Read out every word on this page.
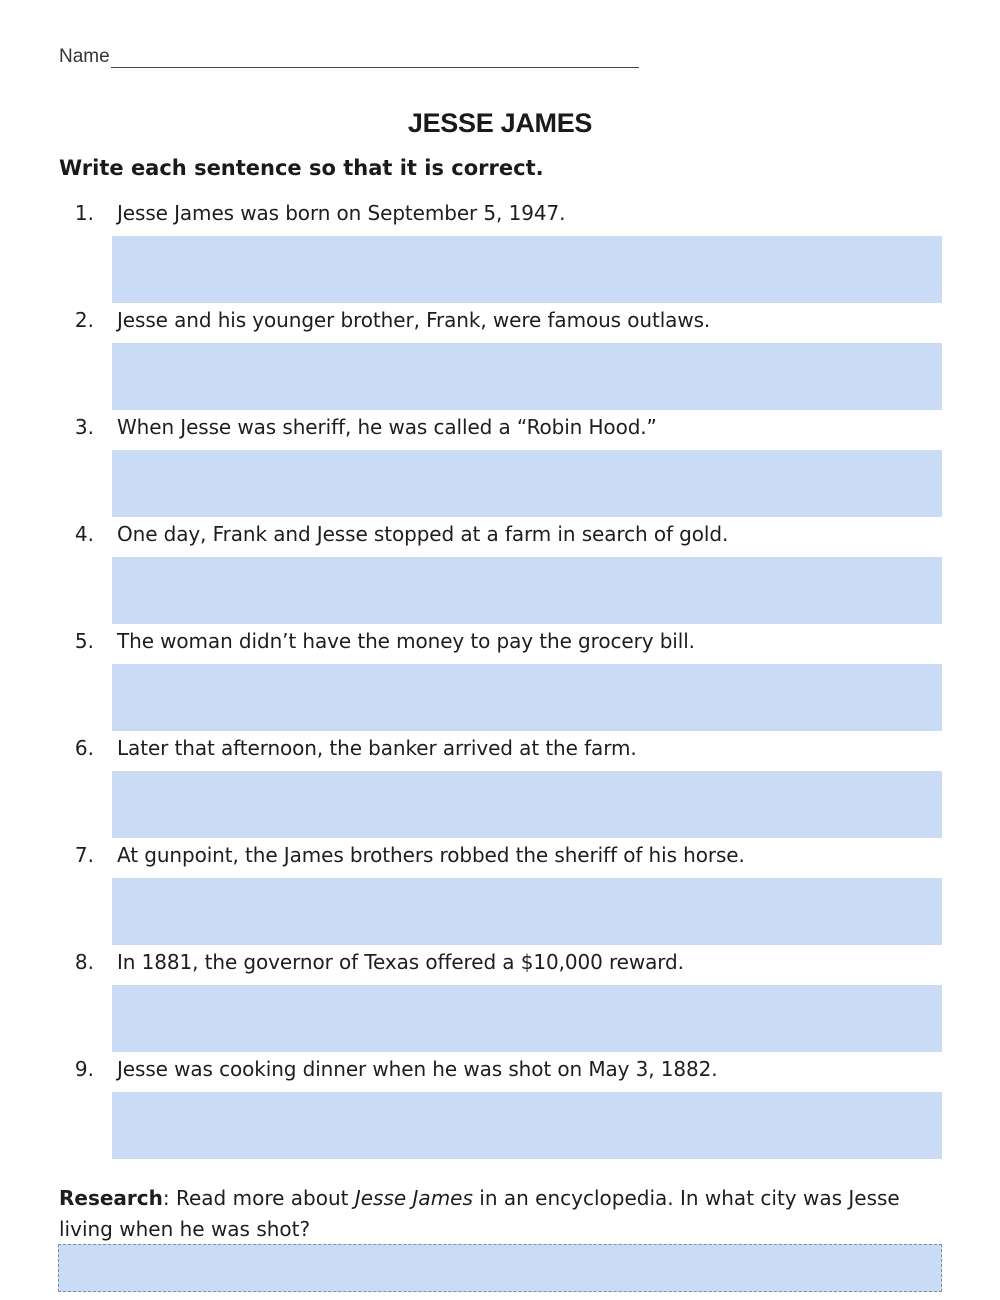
Name
JESSE JAMES
Write each sentence so that it is correct.
1. Jesse James was born on September 5, 1947.
2. Jesse and his younger brother, Frank, were famous outlaws.
3. When Jesse was sheriff, he was called a “Robin Hood.”
4. One day, Frank and Jesse stopped at a farm in search of gold.
5. The woman didn’t have the money to pay the grocery bill.
6. Later that afternoon, the banker arrived at the farm.
7. At gunpoint, the James brothers robbed the sheriff of his horse.
8. In 1881, the governor of Texas offered a $10,000 reward.
9. Jesse was cooking dinner when he was shot on May 3, 1882.
Research: Read more about Jesse James in an encyclopedia. In what city was Jesse living when he was shot?
